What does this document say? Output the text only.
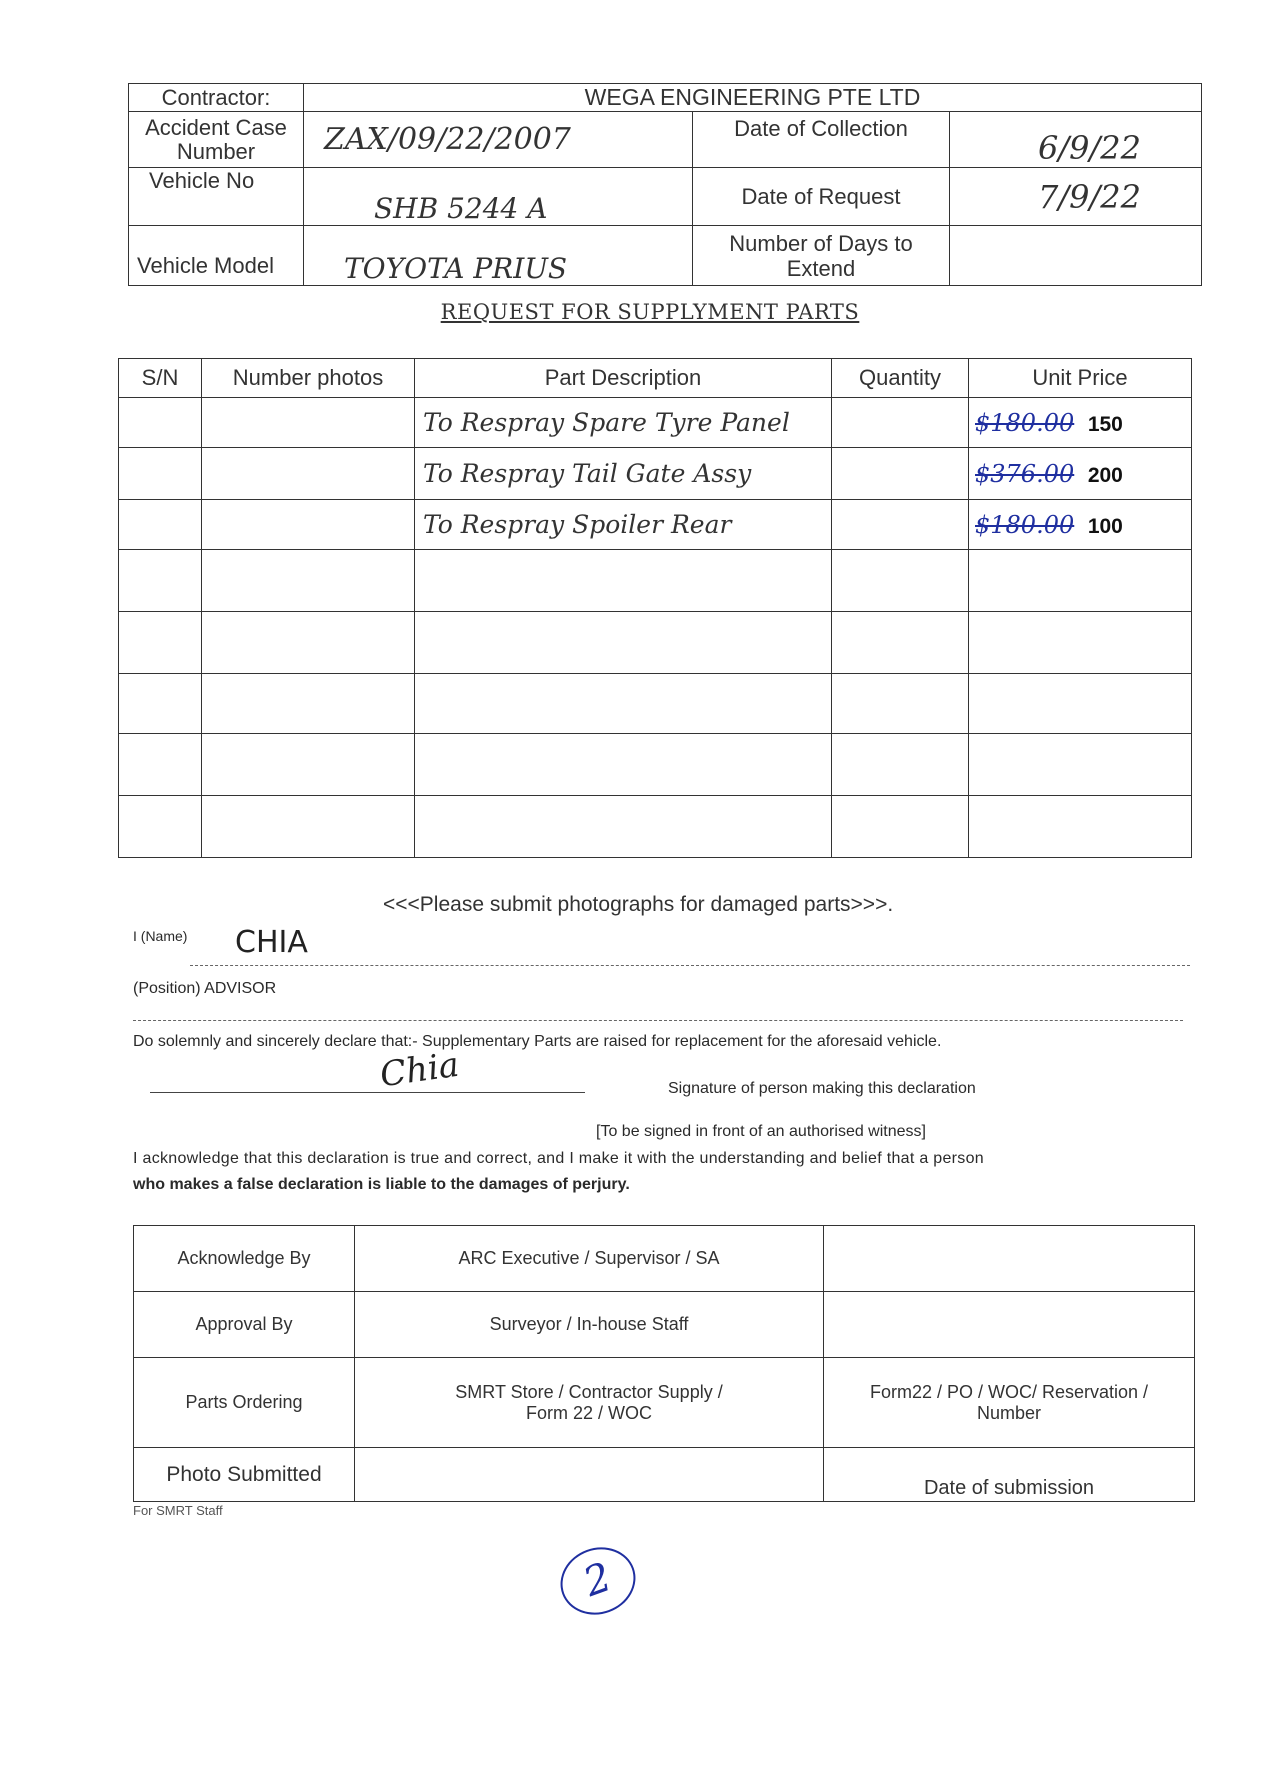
Contractor:	WEGA ENGINEERING PTE LTD		
Accident Case Number	ZAX/09/22/2007	Date of Collection	6/9/22
Vehicle No	SHB 5244 A	Date of Request	7/9/22
Vehicle Model	TOYOTA PRIUS	Number of Days to Extend	
REQUEST FOR SUPPLYMENT PARTS
S/N	Number photos	Part Description	Quantity	Unit Price
		To Respray Spare Tyre Panel		$180.00 150
		To Respray Tail Gate Assy		$376.00 200
		To Respray Spoiler Rear		$180.00 100

<<<Please submit photographs for damaged parts>>>.
I (Name) CHIA
(Position) ADVISOR
Do solemnly and sincerely declare that:- Supplementary Parts are raised for replacement for the aforesaid vehicle.
Chia	Signature of person making this declaration
[To be signed in front of an authorised witness]
I acknowledge that this declaration is true and correct, and I make it with the understanding and belief that a person
who makes a false declaration is liable to the damages of perjury.
Acknowledge By	ARC Executive / Supervisor / SA	
Approval By	Surveyor / In-house Staff	
Parts Ordering	SMRT Store / Contractor Supply / Form 22 / WOC	Form22 / PO / WOC/ Reservation / Number
Photo Submitted		Date of submission
For SMRT Staff
2
